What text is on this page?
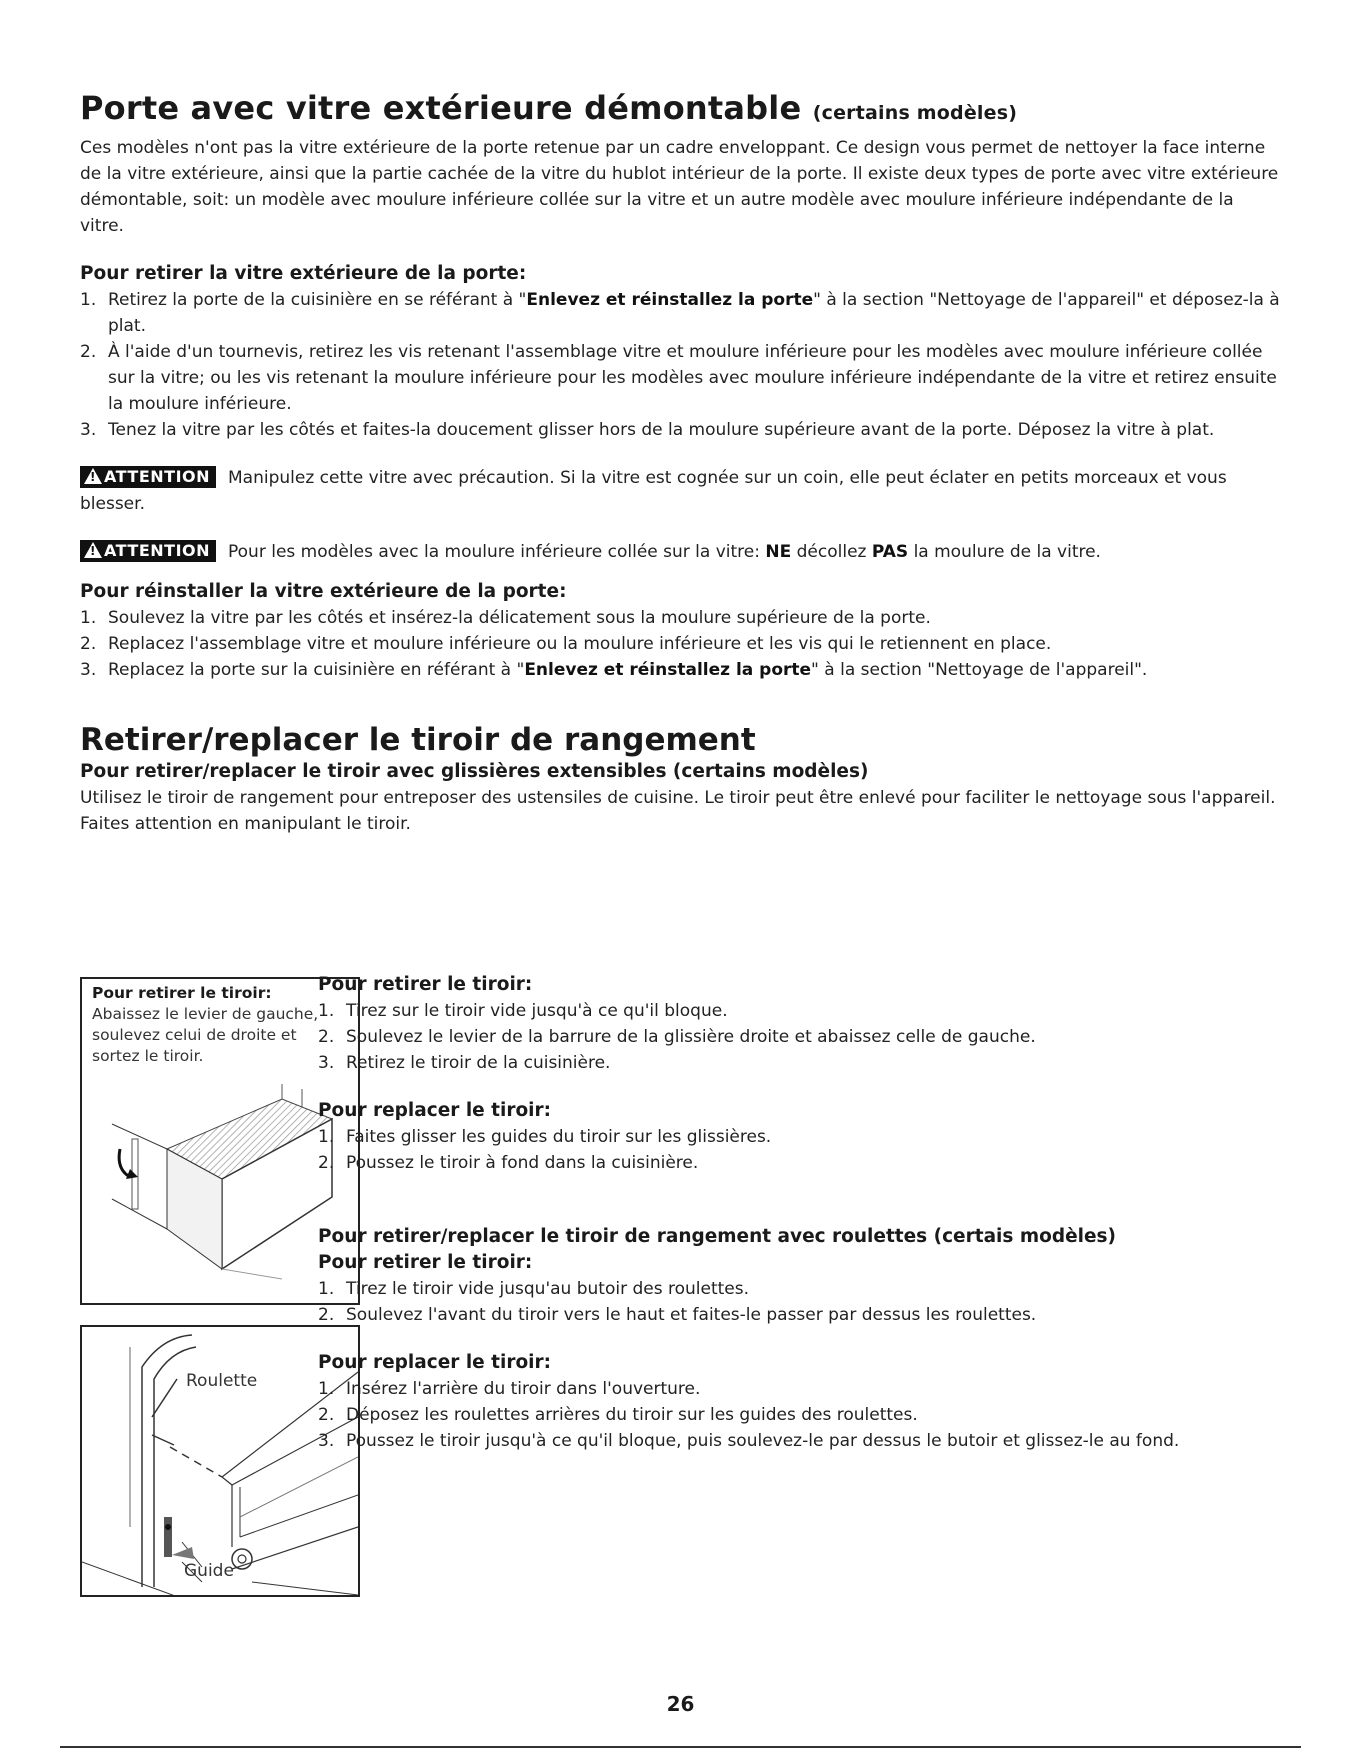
Porte avec vitre extérieure démontable (certains modèles)

Ces modèles n'ont pas la vitre extérieure de la porte retenue par un cadre enveloppant. Ce design vous permet de nettoyer la face interne de la vitre extérieure, ainsi que la partie cachée de la vitre du hublot intérieur de la porte. Il existe deux types de porte avec vitre extérieure démontable, soit: un modèle avec moulure inférieure collée sur la vitre et un autre modèle avec moulure inférieure indépendante de la vitre.

Pour retirer la vitre extérieure de la porte:

1. Retirez la porte de la cuisinière en se référant à "Enlevez et réinstallez la porte" à la section "Nettoyage de l'appareil" et déposez-la à plat.
2. À l'aide d'un tournevis, retirez les vis retenant l'assemblage vitre et moulure inférieure pour les modèles avec moulure inférieure collée sur la vitre; ou les vis retenant la moulure inférieure pour les modèles avec moulure inférieure indépendante de la vitre et retirez ensuite la moulure inférieure.
3. Tenez la vitre par les côtés et faites-la doucement glisser hors de la moulure supérieure avant de la porte. Déposez la vitre à plat.

!ATTENTION Manipulez cette vitre avec précaution. Si la vitre est cognée sur un coin, elle peut éclater en petits morceaux et vous blesser.

!ATTENTION Pour les modèles avec la moulure inférieure collée sur la vitre: NE décollez PAS la moulure de la vitre.

Pour réinstaller la vitre extérieure de la porte:

1. Soulevez la vitre par les côtés et insérez-la délicatement sous la moulure supérieure de la porte.
2. Replacez l'assemblage vitre et moulure inférieure ou la moulure inférieure et les vis qui le retiennent en place.
3. Replacez la porte sur la cuisinière en référant à "Enlevez et réinstallez la porte" à la section "Nettoyage de l'appareil".
Retirer/replacer le tiroir de rangement

Pour retirer/replacer le tiroir avec glissières extensibles (certains modèles)

Utilisez le tiroir de rangement pour entreposer des ustensiles de cuisine. Le tiroir peut être enlevé pour faciliter le nettoyage sous l'appareil. Faites attention en manipulant le tiroir.

Pour retirer le tiroir:

Abaissez le levier de gauche,
soulevez celui de droite et
sortez le tiroir.
Roulette
Guide

Pour retirer le tiroir:

1. Tirez sur le tiroir vide jusqu'à ce qu'il bloque.
2. Soulevez le levier de la barrure de la glissière droite et abaissez celle de gauche.
3. Retirez le tiroir de la cuisinière.

Pour replacer le tiroir:

1. Faites glisser les guides du tiroir sur les glissières.
2. Poussez le tiroir à fond dans la cuisinière.

Pour retirer/replacer le tiroir de rangement avec roulettes (certais modèles)

Pour retirer le tiroir:

1. Tirez le tiroir vide jusqu'au butoir des roulettes.
2. Soulevez l'avant du tiroir vers le haut et faites-le passer par dessus les roulettes.

Pour replacer le tiroir:

1. Insérez l'arrière du tiroir dans l'ouverture.
2. Déposez les roulettes arrières du tiroir sur les guides des roulettes.
3. Poussez le tiroir jusqu'à ce qu'il bloque, puis soulevez-le par dessus le butoir et glissez-le au fond.
26
